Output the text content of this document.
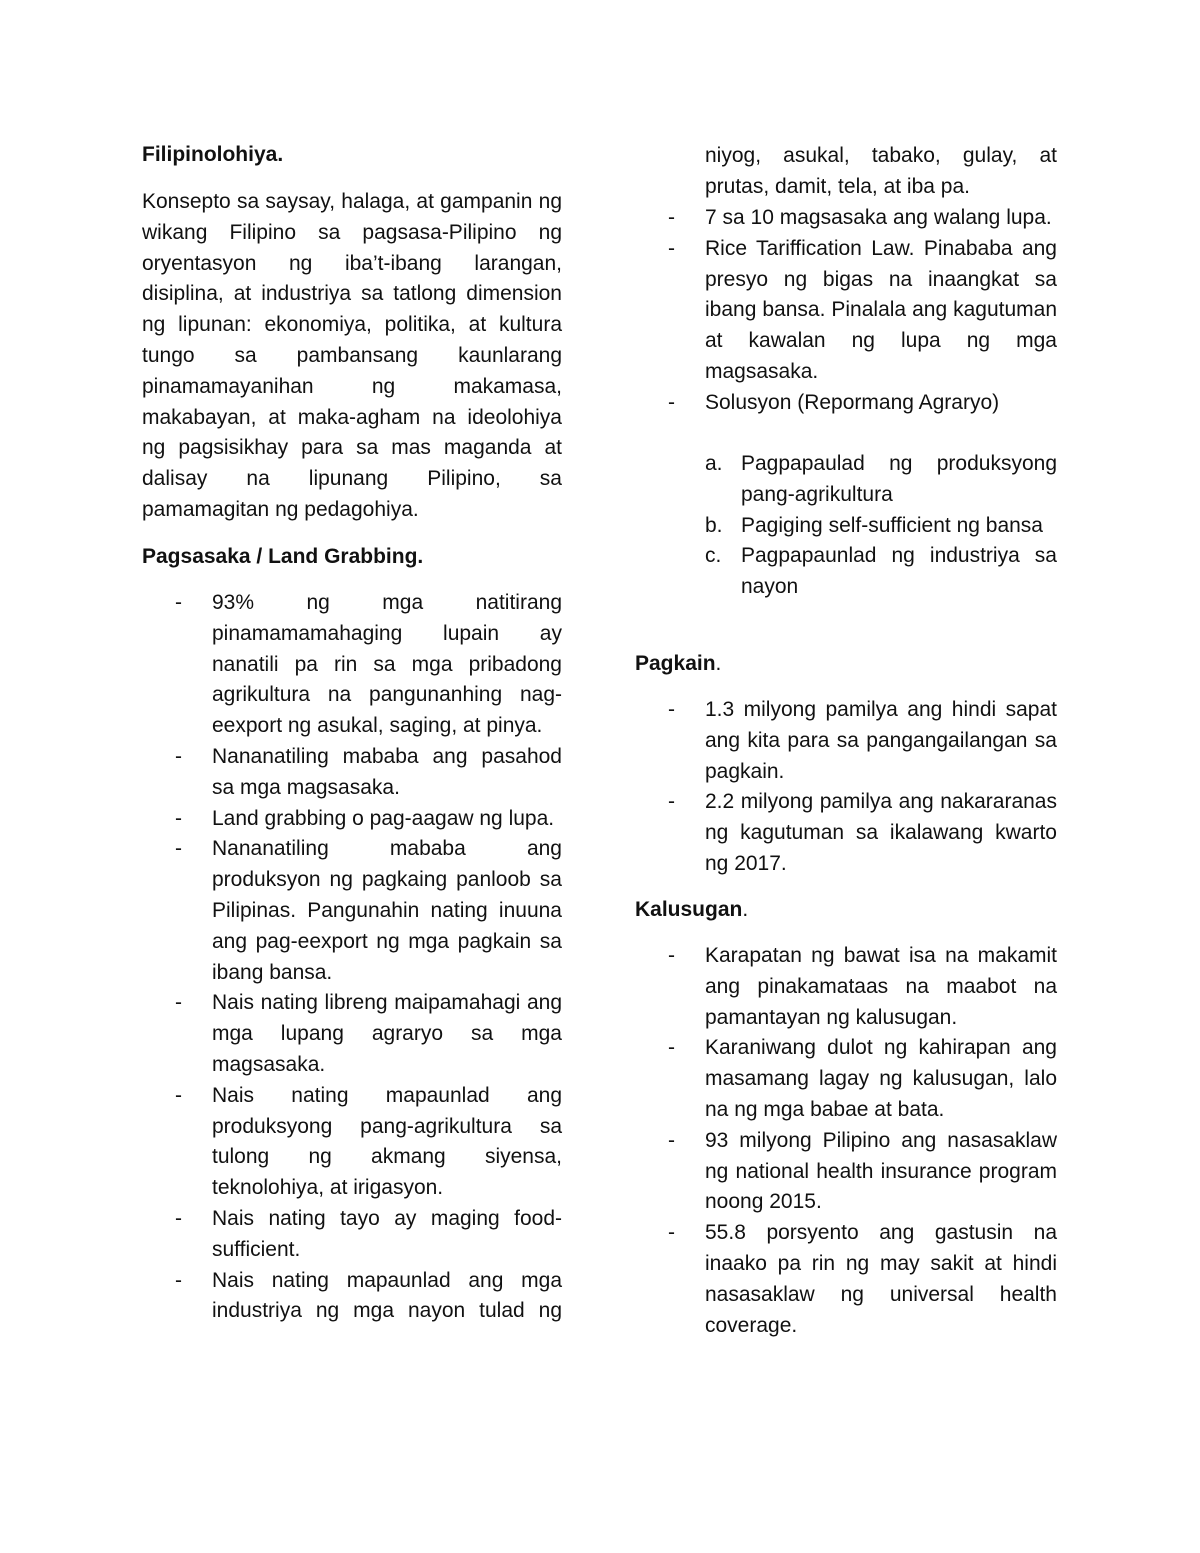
Filipinolohiya.

Konsepto sa saysay, halaga, at gampanin ng wikang Filipino sa pagsasa-Pilipino ng oryentasyon ng iba’t-ibang larangan, disiplina, at industriya sa tatlong dimension ng lipunan: ekonomiya, politika, at kultura tungo sa pambansang kaunlarang pinamamayanihan ng makamasa, makabayan, at maka-agham na ideolohiya ng pagsisikhay para sa mas maganda at dalisay na lipunang Pilipino, sa pamamagitan ng pedagohiya.

Pagsasaka / Land Grabbing.

- 93% ng mga natitirang pinamamamahaging lupain ay nanatili pa rin sa mga pribadong agrikultura na pangunanhing nag-eexport ng asukal, saging, at pinya.
- Nananatiling mababa ang pasahod sa mga magsasaka.
- Land grabbing o pag-aagaw ng lupa.
- Nananatiling mababa ang produksyon ng pagkaing panloob sa Pilipinas. Pangunahin nating inuuna ang pag-eexport ng mga pagkain sa ibang bansa.
- Nais nating libreng maipamahagi ang mga lupang agraryo sa mga magsasaka.
- Nais nating mapaunlad ang produksyong pang-agrikultura sa tulong ng akmang siyensa, teknolohiya, at irigasyon.
- Nais nating tayo ay maging food-sufficient.
- Nais nating mapaunlad ang mga industriya ng mga nayon tulad ng

niyog, asukal, tabako, gulay, at prutas, damit, tela, at iba pa.

- 7 sa 10 magsasaka ang walang lupa.
- Rice Tariffication Law. Pinababa ang presyo ng bigas na inaangkat sa ibang bansa. Pinalala ang kagutuman at kawalan ng lupa ng mga magsasaka.
- Solusyon (Repormang Agraryo)
a. Pagpapaulad ng produksyong pang-agrikultura
b. Pagiging self-sufficient ng bansa
c. Pagpapaunlad ng industriya sa nayon

Pagkain.

- 1.3 milyong pamilya ang hindi sapat ang kita para sa pangangailangan sa pagkain.
- 2.2 milyong pamilya ang nakararanas ng kagutuman sa ikalawang kwarto ng 2017.

Kalusugan.

- Karapatan ng bawat isa na makamit ang pinakamataas na maabot na pamantayan ng kalusugan.
- Karaniwang dulot ng kahirapan ang masamang lagay ng kalusugan, lalo na ng mga babae at bata.
- 93 milyong Pilipino ang nasasaklaw ng national health insurance program noong 2015.
- 55.8 porsyento ang gastusin na inaako pa rin ng may sakit at hindi nasasaklaw ng universal health coverage.
